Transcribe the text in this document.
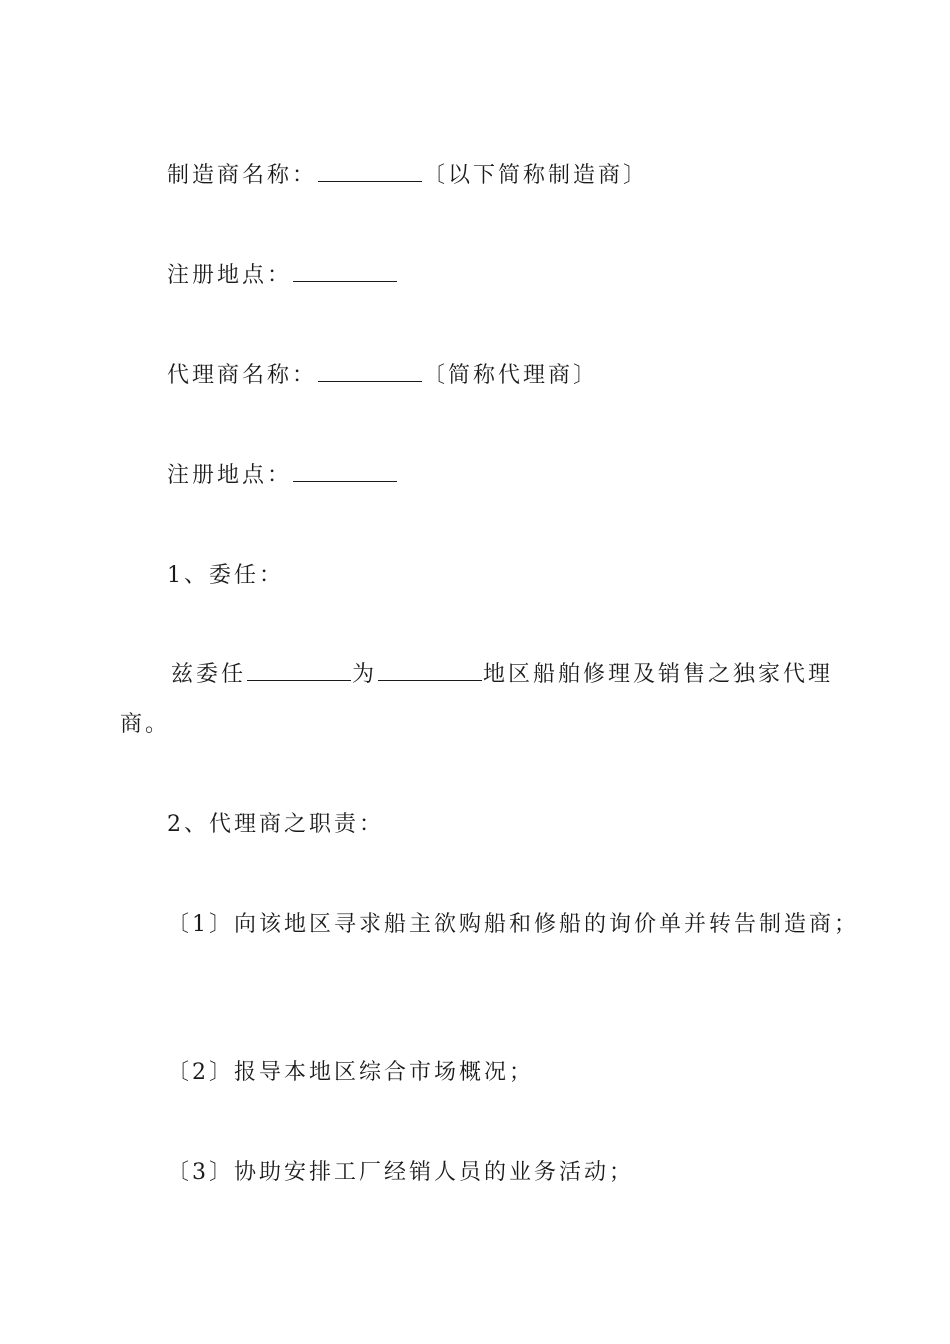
制造商名称：	〔以下简称制造商〕
注册地点：
代理商名称：	〔简称代理商〕
注册地点：
1、委任：
兹委任	为	地区船舶修理及销售之独家代理
商。
2、代理商之职责：
〔1〕向该地区寻求船主欲购船和修船的询价单并转告制造商；
〔2〕报导本地区综合市场概况；
〔3〕协助安排工厂经销人员的业务活动；
